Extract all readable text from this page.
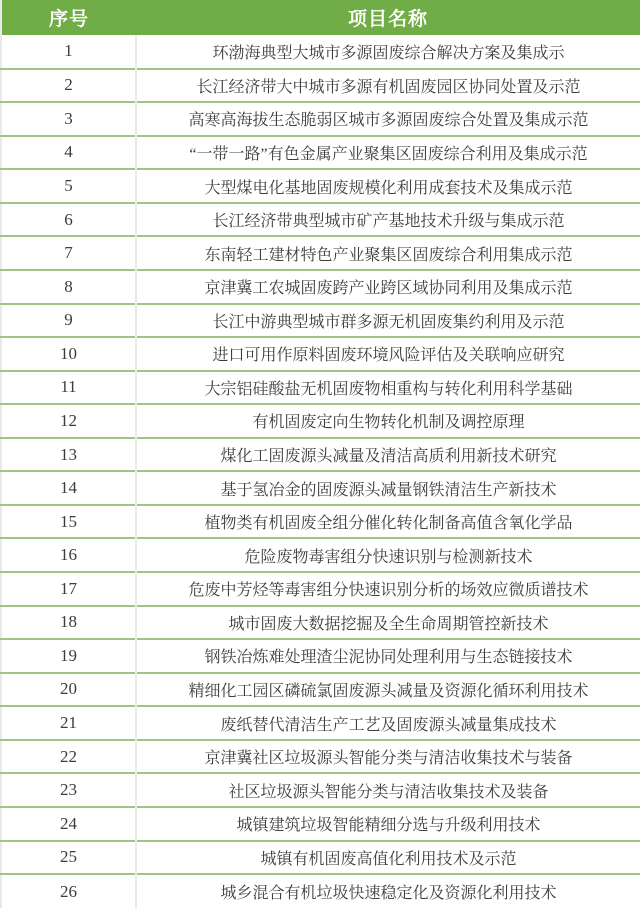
序号	项目名称
1	环渤海典型大城市多源固废综合解决方案及集成示
2	长江经济带大中城市多源有机固废园区协同处置及示范
3	高寒高海拔生态脆弱区城市多源固废综合处置及集成示范
4	“一带一路”有色金属产业聚集区固废综合利用及集成示范
5	大型煤电化基地固废规模化利用成套技术及集成示范
6	长江经济带典型城市矿产基地技术升级与集成示范
7	东南轻工建材特色产业聚集区固废综合利用集成示范
8	京津冀工农城固废跨产业跨区域协同利用及集成示范
9	长江中游典型城市群多源无机固废集约利用及示范
10	进口可用作原料固废环境风险评估及关联响应研究
11	大宗铝硅酸盐无机固废物相重构与转化利用科学基础
12	有机固废定向生物转化机制及调控原理
13	煤化工固废源头减量及清洁高质利用新技术研究
14	基于氢冶金的固废源头减量钢铁清洁生产新技术
15	植物类有机固废全组分催化转化制备高值含氧化学品
16	危险废物毒害组分快速识别与检测新技术
17	危废中芳烃等毒害组分快速识别分析的场效应微质谱技术
18	城市固废大数据挖掘及全生命周期管控新技术
19	钢铁冶炼难处理渣尘泥协同处理利用与生态链接技术
20	精细化工园区磷硫氯固废源头减量及资源化循环利用技术
21	废纸替代清洁生产工艺及固废源头减量集成技术
22	京津冀社区垃圾源头智能分类与清洁收集技术与装备
23	社区垃圾源头智能分类与清洁收集技术及装备
24	城镇建筑垃圾智能精细分选与升级利用技术
25	城镇有机固废高值化利用技术及示范
26	城乡混合有机垃圾快速稳定化及资源化利用技术
